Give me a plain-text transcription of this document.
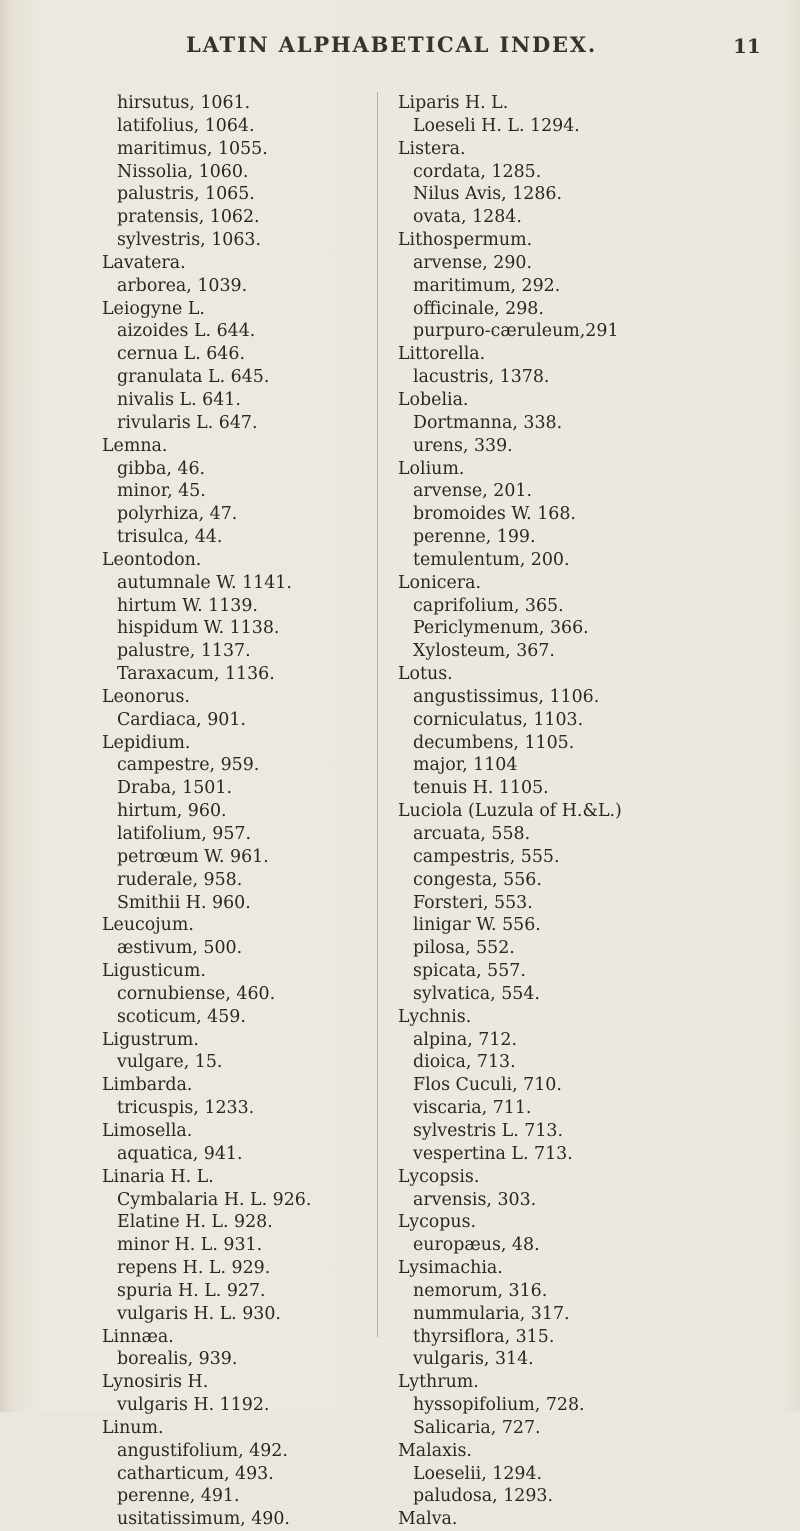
LATIN ALPHABETICAL INDEX.	11
hirsutus, 1061.
latifolius, 1064.
maritimus, 1055.
Nissolia, 1060.
palustris, 1065.
pratensis, 1062.
sylvestris, 1063.
Lavatera.
arborea, 1039.
Leiogyne L.
aizoides L. 644.
cernua L. 646.
granulata L. 645.
nivalis L. 641.
rivularis L. 647.
Lemna.
gibba, 46.
minor, 45.
polyrhiza, 47.
trisulca, 44.
Leontodon.
autumnale W. 1141.
hirtum W. 1139.
hispidum W. 1138.
palustre, 1137.
Taraxacum, 1136.
Leonorus.
Cardiaca, 901.
Lepidium.
campestre, 959.
Draba, 1501.
hirtum, 960.
latifolium, 957.
petrœum W. 961.
ruderale, 958.
Smithii H. 960.
Leucojum.
æstivum, 500.
Ligusticum.
cornubiense, 460.
scoticum, 459.
Ligustrum.
vulgare, 15.
Limbarda.
tricuspis, 1233.
Limosella.
aquatica, 941.
Linaria H. L.
Cymbalaria H. L. 926.
Elatine H. L. 928.
minor H. L. 931.
repens H. L. 929.
spuria H. L. 927.
vulgaris H. L. 930.
Linnæa.
borealis, 939.
Lynosiris H.
vulgaris H. 1192.
Linum.
angustifolium, 492.
catharticum, 493.
perenne, 491.
usitatissimum, 490.
Liparis H. L.
Loeseli H. L. 1294.
Listera.
cordata, 1285.
Nilus Avis, 1286.
ovata, 1284.
Lithospermum.
arvense, 290.
maritimum, 292.
officinale, 298.
purpuro-cæruleum,291
Littorella.
lacustris, 1378.
Lobelia.
Dortmanna, 338.
urens, 339.
Lolium.
arvense, 201.
bromoides W. 168.
perenne, 199.
temulentum, 200.
Lonicera.
caprifolium, 365.
Periclymenum, 366.
Xylosteum, 367.
Lotus.
angustissimus, 1106.
corniculatus, 1103.
decumbens, 1105.
major, 1104
tenuis H. 1105.
Luciola (Luzula of H.&L.)
arcuata, 558.
campestris, 555.
congesta, 556.
Forsteri, 553.
linigar W. 556.
pilosa, 552.
spicata, 557.
sylvatica, 554.
Lychnis.
alpina, 712.
dioica, 713.
Flos Cuculi, 710.
viscaria, 711.
sylvestris L. 713.
vespertina L. 713.
Lycopsis.
arvensis, 303.
Lycopus.
europæus, 48.
Lysimachia.
nemorum, 316.
nummularia, 317.
thyrsiflora, 315.
vulgaris, 314.
Lythrum.
hyssopifolium, 728.
Salicaria, 727.
Malaxis.
Loeselii, 1294.
paludosa, 1293.
Malva.
